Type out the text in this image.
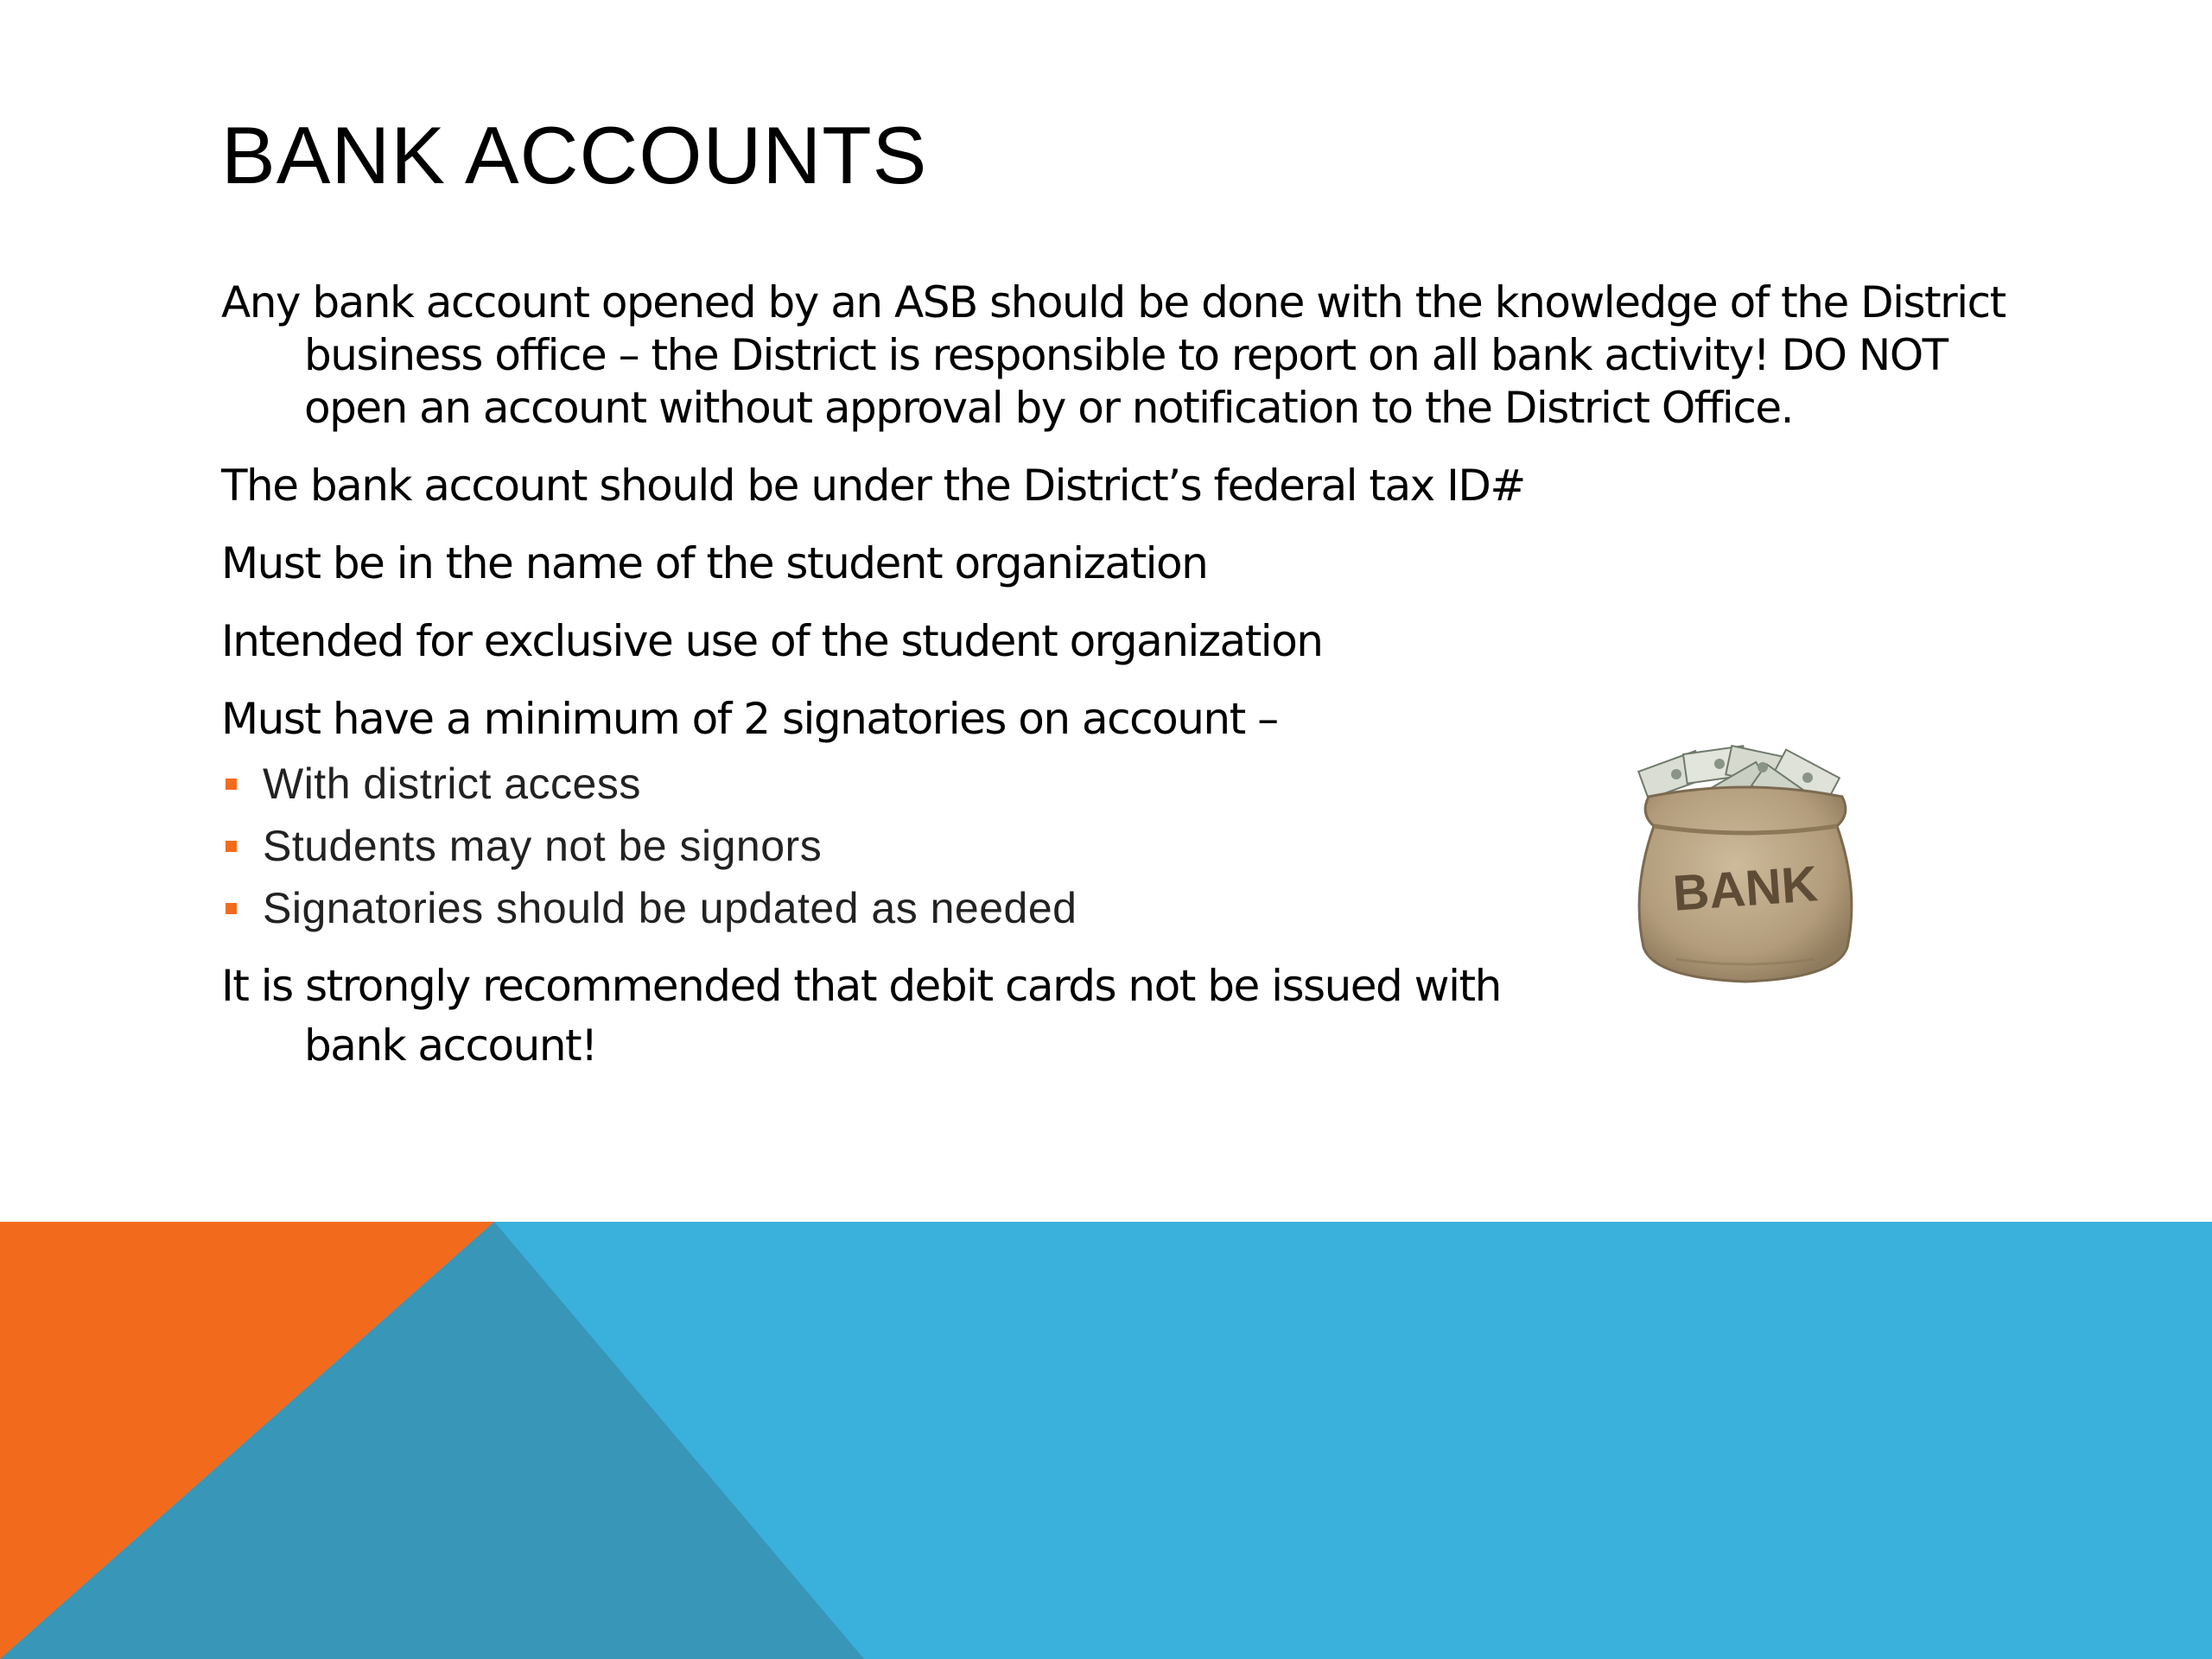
BANK ACCOUNTS

Any bank account opened by an ASB should be done with the knowledge of the District business office – the District is responsible to report on all bank activity! DO NOT open an account without approval by or notification to the District Office.

The bank account should be under the District’s federal tax ID#

Must be in the name of the student organization

Intended for exclusive use of the student organization

Must have a minimum of 2 signatories on account –

With district access
Students may not be signors
Signatories should be updated as needed

It is strongly recommended that debit cards not be issued with

bank account!

BANK
